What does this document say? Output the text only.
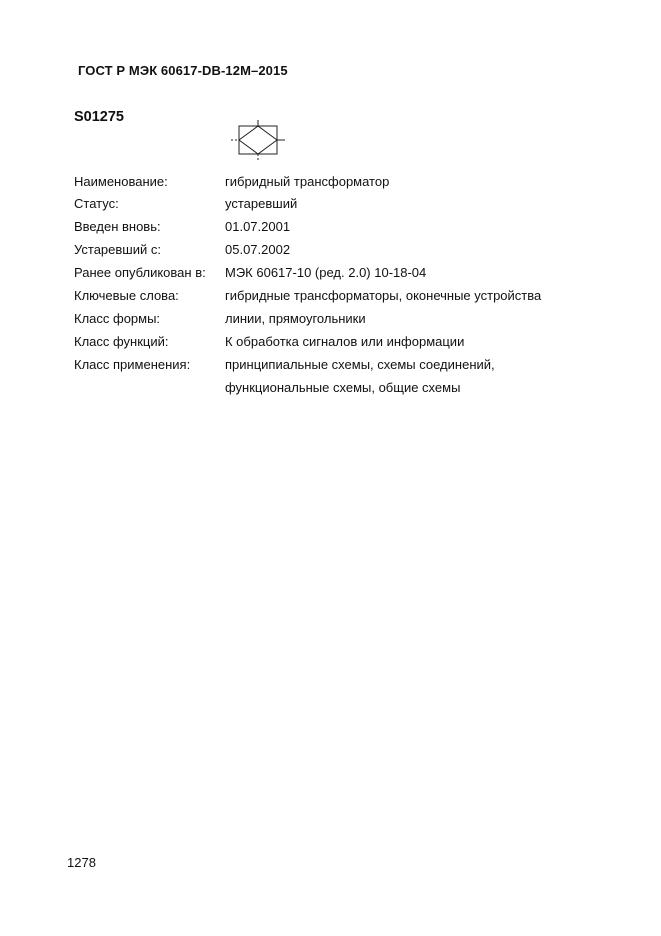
ГОСТ Р МЭК 60617-DB-12M–2015
S01275
Наименование:	гибридный трансформатор
Статус:	устаревший
Введен вновь:	01.07.2001
Устаревший с:	05.07.2002
Ранее опубликован в: МЭК 60617-10 (ред. 2.0) 10-18-04
Ключевые слова:	гибридные трансформаторы, оконечные устройства
Класс формы:	линии, прямоугольники
Класс функций:	К обработка сигналов или информации
Класс применения:	принципиальные схемы, схемы соединений,
функциональные схемы, общие схемы
1278
